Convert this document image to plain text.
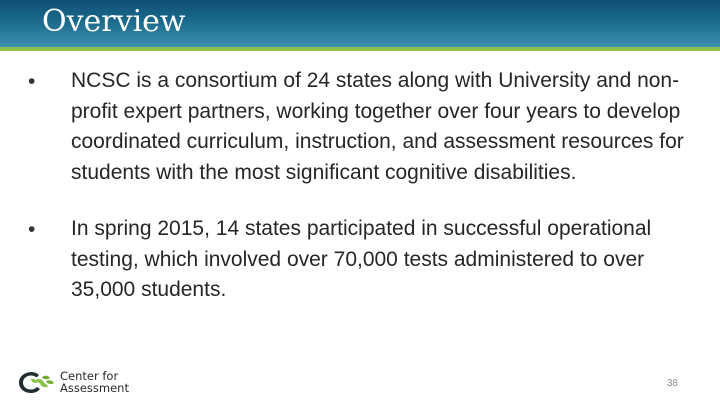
Overview
• NCSC is a consortium of 24 states along with University and non-profit expert partners, working together over four years to develop coordinated curriculum, instruction, and assessment resources for students with the most significant cognitive disabilities.
• In spring 2015, 14 states participated in successful operational testing, which involved over 70,000 tests administered to over 35,000 students.
Center for
Assessment	38
